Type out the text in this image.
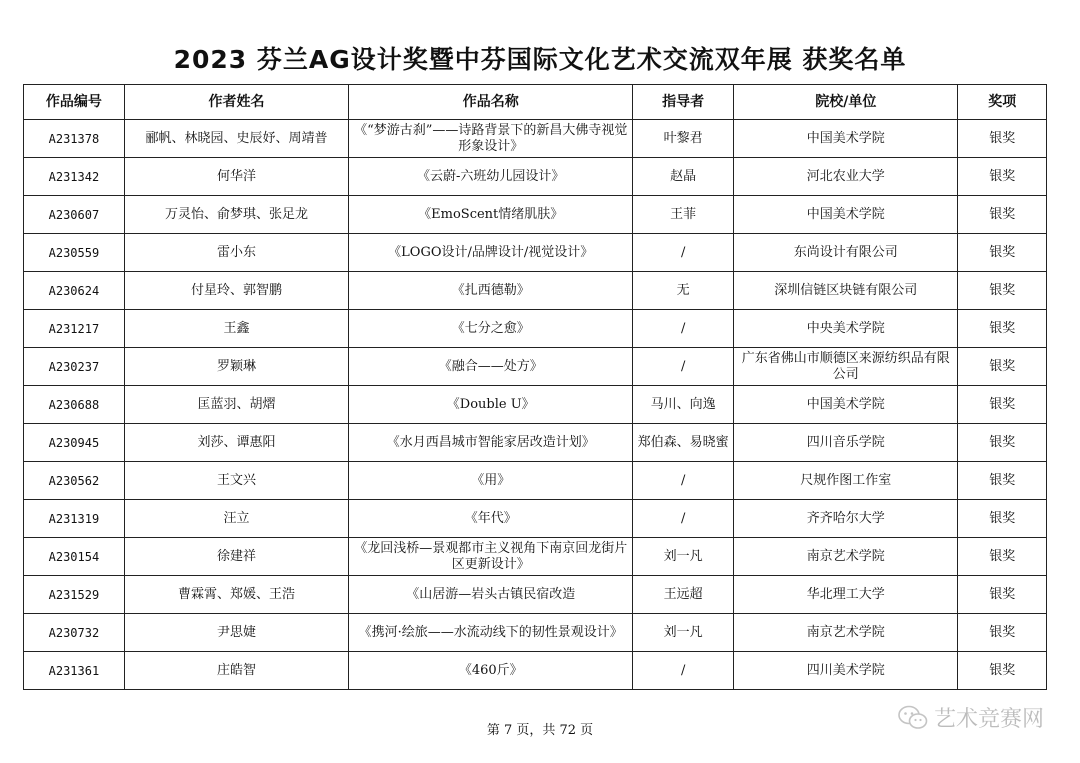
2023 芬兰AG设计奖暨中芬国际文化艺术交流双年展 获奖名单
作品编号	作者姓名	作品名称	指导者	院校/单位	奖项
A231378	郦帆、林晓园、史辰妤、周靖普	《“梦游古刹”——诗路背景下的新昌大佛寺视觉形象设计》	叶黎君	中国美术学院	银奖
A231342	何华洋	《云蔚-六班幼儿园设计》	赵晶	河北农业大学	银奖
A230607	万灵怡、俞梦琪、张足龙	《EmoScent情绪肌肤》	王菲	中国美术学院	银奖
A230559	雷小东	《LOGO设计/品牌设计/视觉设计》	/	东尚设计有限公司	银奖
A230624	付星玲、郭智鹏	《扎西德勒》	无	深圳信链区块链有限公司	银奖
A231217	王鑫	《七分之愈》	/	中央美术学院	银奖
A230237	罗颖琳	《融合——处方》	/	广东省佛山市顺德区来源纺织品有限公司	银奖
A230688	匡蓝羽、胡熠	《Double U》	马川、向逸	中国美术学院	银奖
A230945	刘莎、谭惠阳	《水月西昌城市智能家居改造计划》	郑伯森、易晓蜜	四川音乐学院	银奖
A230562	王文兴	《用》	/	尺规作图工作室	银奖
A231319	汪立	《年代》	/	齐齐哈尔大学	银奖
A230154	徐建祥	《龙回浅桥—景观都市主义视角下南京回龙街片区更新设计》	刘一凡	南京艺术学院	银奖
A231529	曹霖霄、郑媛、王浩	《山居游—岩头古镇民宿改造	王远超	华北理工大学	银奖
A230732	尹思婕	《携河·绘旅——水流动线下的韧性景观设计》	刘一凡	南京艺术学院	银奖
A231361	庄皓智	《460斤》	/	四川美术学院	银奖
第 7 页，共 72 页	艺术竞赛网
